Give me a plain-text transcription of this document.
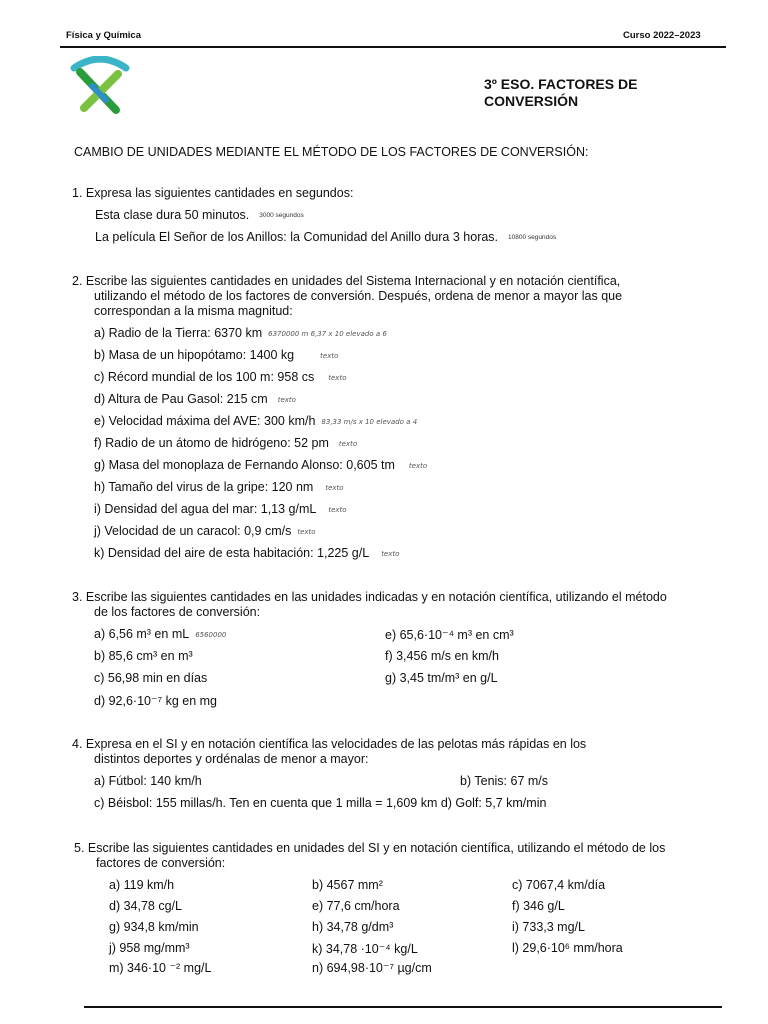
Física y Química	Curso 2022–2023
3º ESO. FACTORES DE
CONVERSIÓN
CAMBIO DE UNIDADES MEDIANTE EL MÉTODO DE LOS FACTORES DE CONVERSIÓN:
1. Expresa las siguientes cantidades en segundos:
Esta clase dura 50 minutos. 3000 segundos
La película El Señor de los Anillos: la Comunidad del Anillo dura 3 horas. 10800 segundos
2. Escribe las siguientes cantidades en unidades del Sistema Internacional y en notación científica,
utilizando el método de los factores de conversión. Después, ordena de menor a mayor las que
correspondan a la misma magnitud:
a) Radio de la Tierra: 6370 km 6370000 m 6,37 x 10 elevado a 6
b) Masa de un hipopótamo: 1400 kg	texto
c) Récord mundial de los 100 m: 958 cs texto
d) Altura de Pau Gasol: 215 cm texto
e) Velocidad máxima del AVE: 300 km/h 83,33 m/s x 10 elevado a 4
f) Radio de un átomo de hidrógeno: 52 pm texto
g) Masa del monoplaza de Fernando Alonso: 0,605 tm texto
h) Tamaño del virus de la gripe: 120 nm texto
i) Densidad del agua del mar: 1,13 g/mL texto
j) Velocidad de un caracol: 0,9 cm/s texto
k) Densidad del aire de esta habitación: 1,225 g/L texto
3. Escribe las siguientes cantidades en las unidades indicadas y en notación científica, utilizando el método
de los factores de conversión:
a) 6,56 m³ en mL 6560000
b) 85,6 cm³ en m³
c) 56,98 min en días
d) 92,6·10⁻⁷ kg en mg
e) 65,6·10⁻⁴ m³ en cm³
f) 3,456 m/s en km/h
g) 3,45 tm/m³ en g/L
4. Expresa en el SI y en notación científica las velocidades de las pelotas más rápidas en los
distintos deportes y ordénalas de menor a mayor:
a) Fútbol: 140 km/h	b) Tenis: 67 m/s
c) Béisbol: 155 millas/h. Ten en cuenta que 1 milla = 1,609 km d) Golf: 5,7 km/min
5. Escribe las siguientes cantidades en unidades del SI y en notación científica, utilizando el método de los
factores de conversión:
a) 119 km/h	b) 4567 mm²	c) 7067,4 km/día
d) 34,78 cg/L	e) 77,6 cm/hora	f) 346 g/L
g) 934,8 km/min	h) 34,78 g/dm³	i) 733,3 mg/L
j) 958 mg/mm³	k) 34,78 ·10⁻⁴ kg/L	l) 29,6·10⁶ mm/hora
m) 346·10 ⁻² mg/L	n) 694,98·10⁻⁷ µg/cm
